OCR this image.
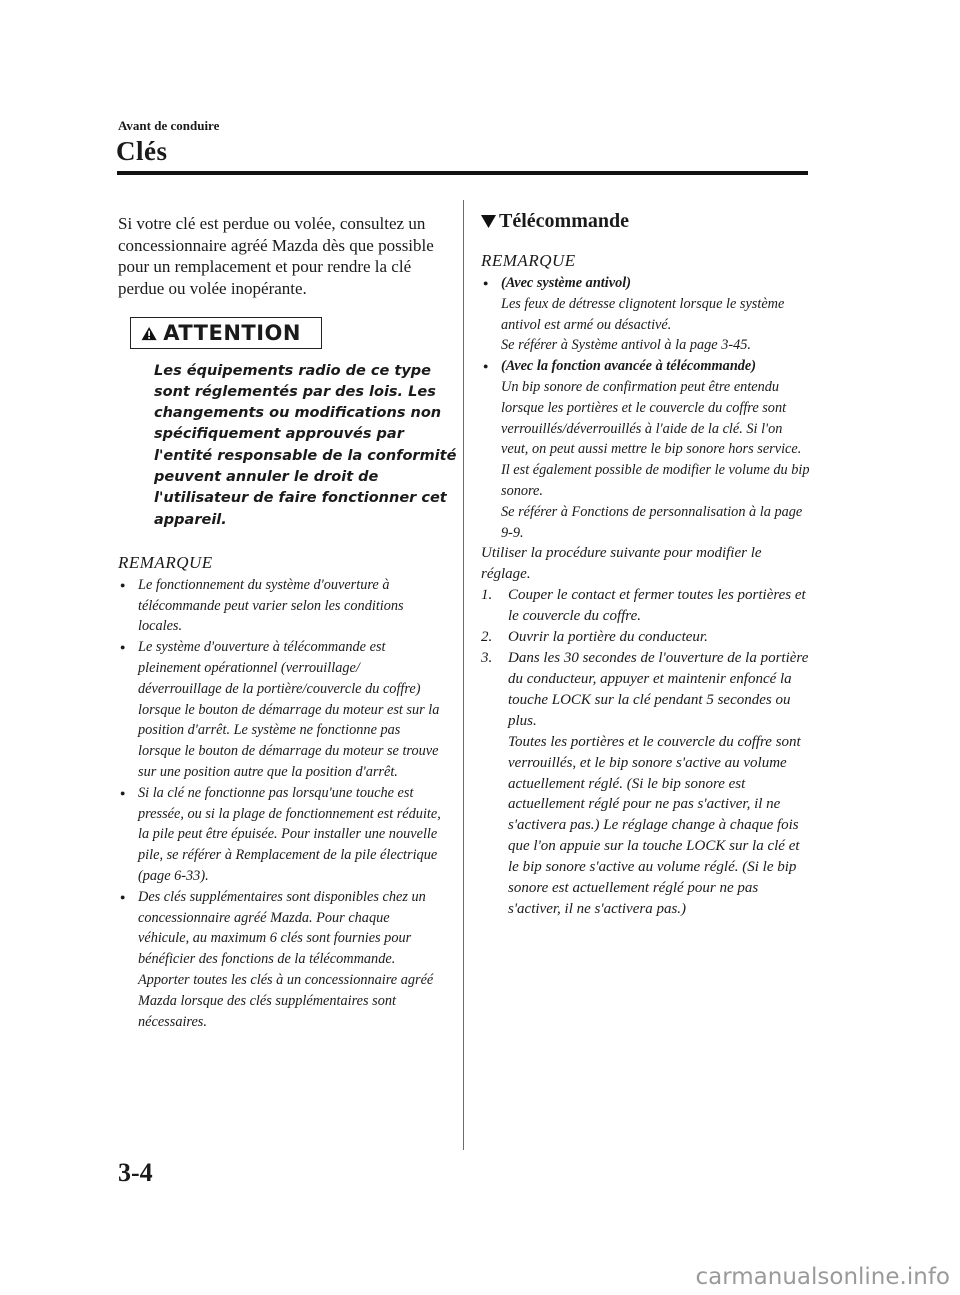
Avant de conduire
Clés

Si votre clé est perdue ou volée, consultez un concessionnaire agréé Mazda dès que possible pour un remplacement et pour rendre la clé perdue ou volée inopérante.

ATTENTION
Les équipements radio de ce type sont réglementés par des lois. Les changements ou modifications non spécifiquement approuvés par l'entité responsable de la conformité peuvent annuler le droit de l'utilisateur de faire fonctionner cet appareil.
REMARQUE
● Le fonctionnement du système d'ouverture à télécommande peut varier selon les conditions locales.
● Le système d'ouverture à télécommande est pleinement opérationnel (verrouillage/ déverrouillage de la portière/couvercle du coffre) lorsque le bouton de démarrage du moteur est sur la position d'arrêt. Le système ne fonctionne pas lorsque le bouton de démarrage du moteur se trouve sur une position autre que la position d'arrêt.
● Si la clé ne fonctionne pas lorsqu'une touche est pressée, ou si la plage de fonctionnement est réduite, la pile peut être épuisée. Pour installer une nouvelle pile, se référer à Remplacement de la pile électrique (page 6-33).
● Des clés supplémentaires sont disponibles chez un concessionnaire agréé Mazda. Pour chaque véhicule, au maximum 6 clés sont fournies pour bénéficier des fonctions de la télécommande. Apporter toutes les clés à un concessionnaire agréé Mazda lorsque des clés supplémentaires sont nécessaires.
Télécommande
REMARQUE
● (Avec système antivol)
Les feux de détresse clignotent lorsque le système antivol est armé ou désactivé.
Se référer à Système antivol à la page 3-45.
● (Avec la fonction avancée à télécommande)
Un bip sonore de confirmation peut être entendu lorsque les portières et le couvercle du coffre sont verrouillés/déverrouillés à l'aide de la clé. Si l'on veut, on peut aussi mettre le bip sonore hors service.
Il est également possible de modifier le volume du bip sonore.
Se référer à Fonctions de personnalisation à la page 9-9.

Utiliser la procédure suivante pour modifier le réglage.

1. Couper le contact et fermer toutes les portières et le couvercle du coffre.
2. Ouvrir la portière du conducteur.
3. Dans les 30 secondes de l'ouverture de la portière du conducteur, appuyer et maintenir enfoncé la touche LOCK sur la clé pendant 5 secondes ou plus.
Toutes les portières et le couvercle du coffre sont verrouillés, et le bip sonore s'active au volume actuellement réglé. (Si le bip sonore est actuellement réglé pour ne pas s'activer, il ne s'activera pas.) Le réglage change à chaque fois que l'on appuie sur la touche LOCK sur la clé et le bip sonore s'active au volume réglé. (Si le bip sonore est actuellement réglé pour ne pas s'activer, il ne s'activera pas.)
3-4
carmanualsonline.info
